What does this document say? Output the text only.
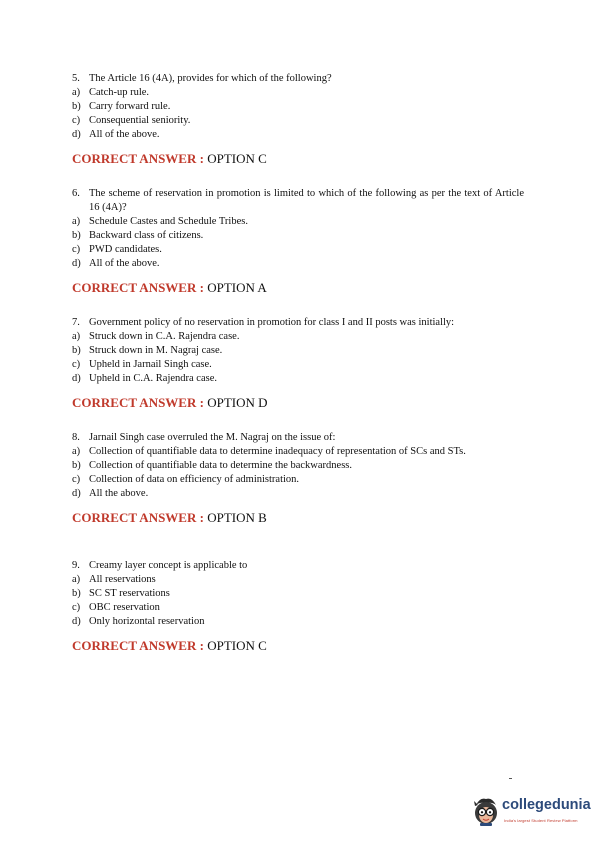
5. The Article 16 (4A), provides for which of the following?
a) Catch-up rule.
b) Carry forward rule.
c) Consequential seniority.
d) All of the above.
CORRECT ANSWER : OPTION C
6. The scheme of reservation in promotion is limited to which of the following as per the text of Article 16 (4A)?
a) Schedule Castes and Schedule Tribes.
b) Backward class of citizens.
c) PWD candidates.
d) All of the above.
CORRECT ANSWER : OPTION A
7. Government policy of no reservation in promotion for class I and II posts was initially:
a) Struck down in C.A. Rajendra case.
b) Struck down in M. Nagraj case.
c) Upheld in Jarnail Singh case.
d) Upheld in C.A. Rajendra case.
CORRECT ANSWER : OPTION D
8. Jarnail Singh case overruled the M. Nagraj on the issue of:
a) Collection of quantifiable data to determine inadequacy of representation of SCs and STs.
b) Collection of quantifiable data to determine the backwardness.
c) Collection of data on efficiency of administration.
d) All the above.
CORRECT ANSWER : OPTION B
9. Creamy layer concept is applicable to
a) All reservations
b) SC ST reservations
c) OBC reservation
d) Only horizontal reservation
CORRECT ANSWER : OPTION C
collegedunia
India's largest Student Review Platform
